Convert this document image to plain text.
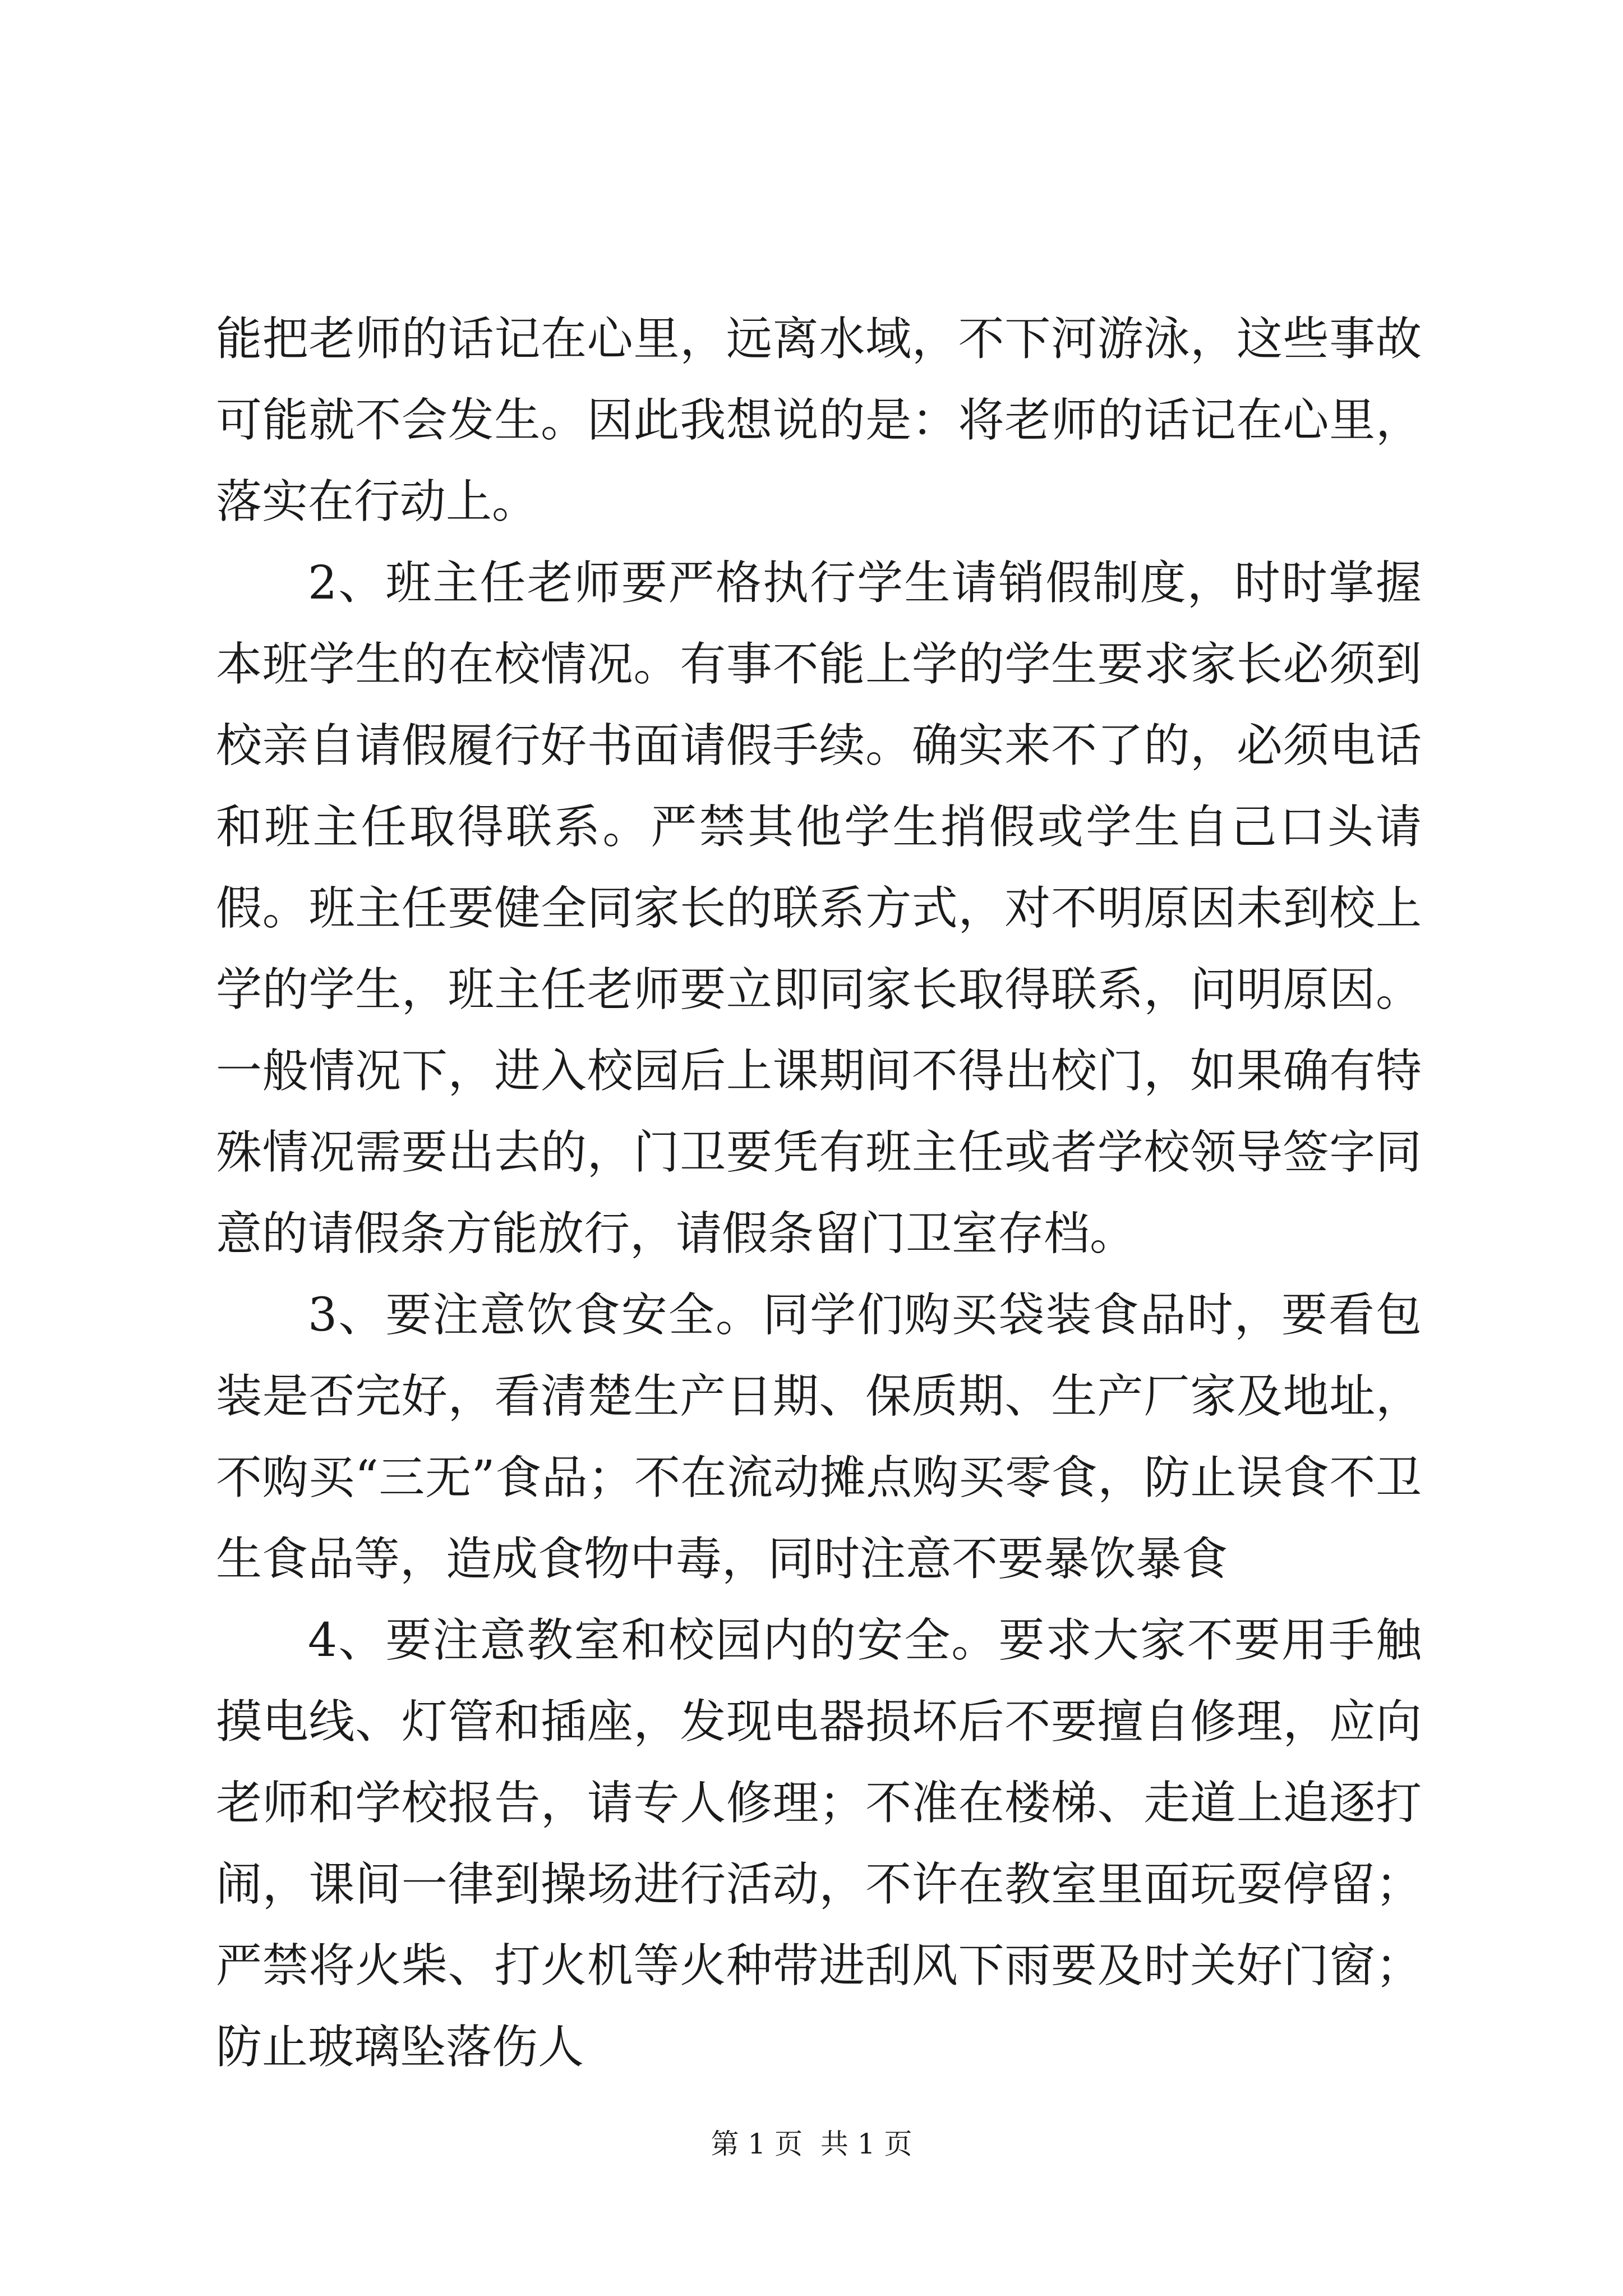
能把老师的话记在心里，远离水域，不下河游泳，这些事故可能就不会发生。因此我想说的是：将老师的话记在心里，落实在行动上。

2、班主任老师要严格执行学生请销假制度，时时掌握本班学生的在校情况。有事不能上学的学生要求家长必须到校亲自请假履行好书面请假手续。确实来不了的，必须电话和班主任取得联系。严禁其他学生捎假或学生自己口头请假。班主任要健全同家长的联系方式，对不明原因未到校上学的学生，班主任老师要立即同家长取得联系，问明原因。一般情况下，进入校园后上课期间不得出校门，如果确有特殊情况需要出去的，门卫要凭有班主任或者学校领导签字同意的请假条方能放行，请假条留门卫室存档。

3、要注意饮食安全。同学们购买袋装食品时，要看包装是否完好，看清楚生产日期、保质期、生产厂家及地址，不购买“三无”食品；不在流动摊点购买零食，防止误食不卫生食品等，造成食物中毒，同时注意不要暴饮暴食

4、要注意教室和校园内的安全。要求大家不要用手触摸电线、灯管和插座，发现电器损坏后不要擅自修理，应向老师和学校报告，请专人修理；不准在楼梯、走道上追逐打闹，课间一律到操场进行活动，不许在教室里面玩耍停留；严禁将火柴、打火机等火种带进刮风下雨要及时关好门窗；防止玻璃坠落伤人

第 1 页  共 1 页
